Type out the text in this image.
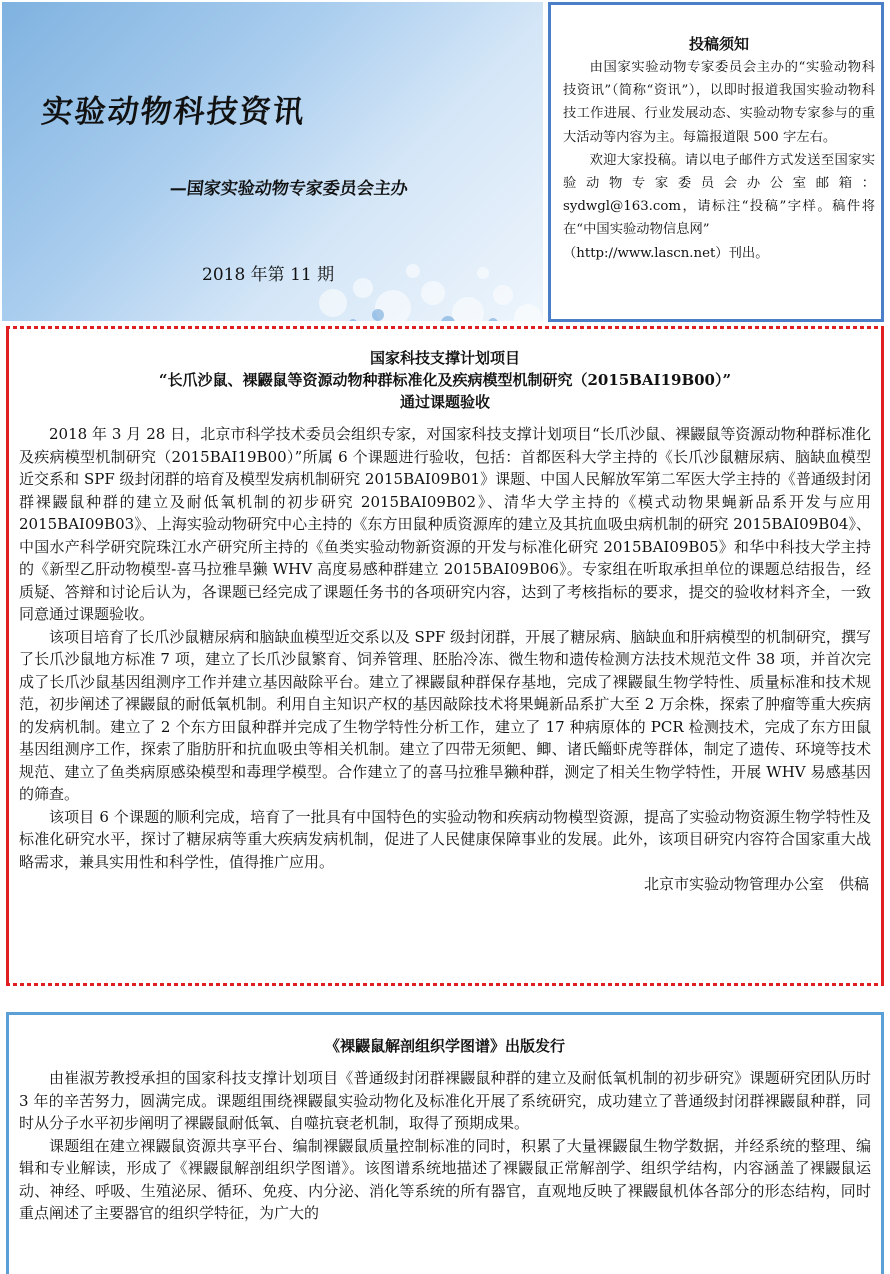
实验动物科技资讯
—国家实验动物专家委员会主办
2018 年第 11 期
投稿须知

由国家实验动物专家委员会主办的“实验动物科技资讯”（简称“资讯”），以即时报道我国实验动物科技工作进展、行业发展动态、实验动物专家参与的重大活动等内容为主。每篇报道限 500 字左右。

欢迎大家投稿。请以电子邮件方式发送至国家实验动物专家委员会办公室邮箱：sydwgl@163.com，请标注“投稿”字样。稿件将在“中国实验动物信息网”

（http://www.lascn.net）刊出。

国家科技支撑计划项目
“长爪沙鼠、裸鼹鼠等资源动物种群标准化及疾病模型机制研究（2015BAI19B00）”
通过课题验收

2018 年 3 月 28 日，北京市科学技术委员会组织专家，对国家科技支撑计划项目“长爪沙鼠、裸鼹鼠等资源动物种群标准化及疾病模型机制研究（2015BAI19B00）”所属 6 个课题进行验收，包括：首都医科大学主持的《长爪沙鼠糖尿病、脑缺血模型近交系和 SPF 级封闭群的培育及模型发病机制研究 2015BAI09B01》课题、中国人民解放军第二军医大学主持的《普通级封闭群裸鼹鼠种群的建立及耐低氧机制的初步研究 2015BAI09B02》、清华大学主持的《模式动物果蝇新品系开发与应用 2015BAI09B03》、上海实验动物研究中心主持的《东方田鼠种质资源库的建立及其抗血吸虫病机制的研究 2015BAI09B04》、中国水产科学研究院珠江水产研究所主持的《鱼类实验动物新资源的开发与标准化研究 2015BAI09B05》和华中科技大学主持的《新型乙肝动物模型-喜马拉雅旱獭 WHV 高度易感种群建立 2015BAI09B06》。专家组在听取承担单位的课题总结报告，经质疑、答辩和讨论后认为，各课题已经完成了课题任务书的各项研究内容，达到了考核指标的要求，提交的验收材料齐全，一致同意通过课题验收。

该项目培育了长爪沙鼠糖尿病和脑缺血模型近交系以及 SPF 级封闭群，开展了糖尿病、脑缺血和肝病模型的机制研究，撰写了长爪沙鼠地方标准 7 项，建立了长爪沙鼠繁育、饲养管理、胚胎冷冻、微生物和遗传检测方法技术规范文件 38 项，并首次完成了长爪沙鼠基因组测序工作并建立基因敲除平台。建立了裸鼹鼠种群保存基地，完成了裸鼹鼠生物学特性、质量标准和技术规范，初步阐述了裸鼹鼠的耐低氧机制。利用自主知识产权的基因敲除技术将果蝇新品系扩大至 2 万余株，探索了肿瘤等重大疾病的发病机制。建立了 2 个东方田鼠种群并完成了生物学特性分析工作，建立了 17 种病原体的 PCR 检测技术，完成了东方田鼠基因组测序工作，探索了脂肪肝和抗血吸虫等相关机制。建立了四带无须鲃、鲫、诸氏鲻虾虎等群体，制定了遗传、环境等技术规范、建立了鱼类病原感染模型和毒理学模型。合作建立了的喜马拉雅旱獭种群，测定了相关生物学特性，开展 WHV 易感基因的筛查。

该项目 6 个课题的顺利完成，培育了一批具有中国特色的实验动物和疾病动物模型资源，提高了实验动物资源生物学特性及标准化研究水平，探讨了糖尿病等重大疾病发病机制，促进了人民健康保障事业的发展。此外，该项目研究内容符合国家重大战略需求，兼具实用性和科学性，值得推广应用。

北京市实验动物管理办公室　供稿
《裸鼹鼠解剖组织学图谱》出版发行

由崔淑芳教授承担的国家科技支撑计划项目《普通级封闭群裸鼹鼠种群的建立及耐低氧机制的初步研究》课题研究团队历时 3 年的辛苦努力，圆满完成。课题组围绕裸鼹鼠实验动物化及标准化开展了系统研究，成功建立了普通级封闭群裸鼹鼠种群，同时从分子水平初步阐明了裸鼹鼠耐低氧、自噬抗衰老机制，取得了预期成果。

课题组在建立裸鼹鼠资源共享平台、编制裸鼹鼠质量控制标准的同时，积累了大量裸鼹鼠生物学数据，并经系统的整理、编辑和专业解读，形成了《裸鼹鼠解剖组织学图谱》。该图谱系统地描述了裸鼹鼠正常解剖学、组织学结构，内容涵盖了裸鼹鼠运动、神经、呼吸、生殖泌尿、循环、免疫、内分泌、消化等系统的所有器官，直观地反映了裸鼹鼠机体各部分的形态结构，同时重点阐述了主要器官的组织学特征，为广大的
